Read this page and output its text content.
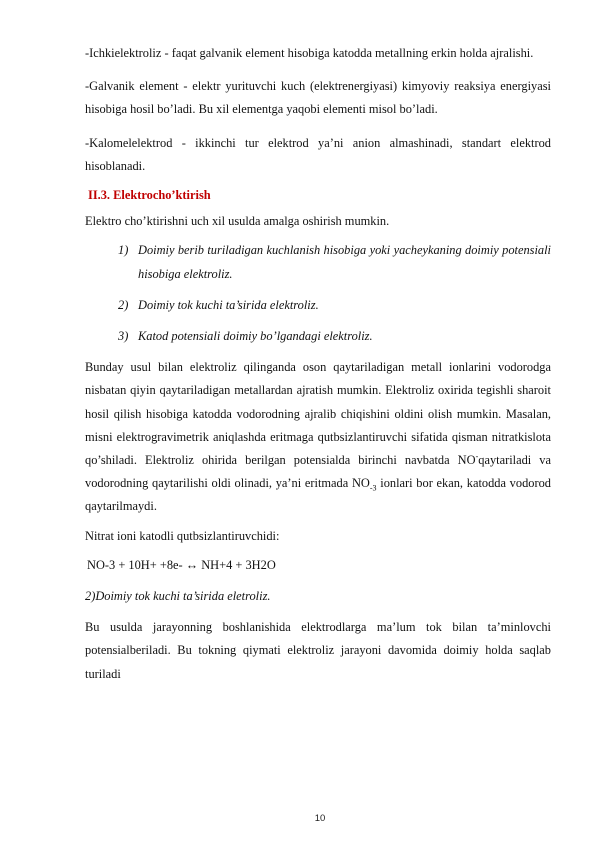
-Ichkielektroliz - faqat galvanik element hisobiga katodda metallning erkin holda ajralishi.

-Galvanik element - elektr yurituvchi kuch (elektrenergiyasi) kimyoviy reaksiya energiyasi hisobiga hosil bo’ladi. Bu xil elementga yaqobi elementi misol bo’ladi.

-Kalomelelektrod - ikkinchi tur elektrod ya’ni anion almashinadi, standart elektrod hisoblanadi.

II.3. Elektrocho’ktirish

Elektro cho’ktirishni uch xil usulda amalga oshirish mumkin.

1) Doimiy berib turiladigan kuchlanish hisobiga yoki yacheykaning doimiy potensiali hisobiga elektroliz.
2) Doimiy tok kuchi ta’sirida elektroliz.
3) Katod potensiali doimiy bo’lgandagi elektroliz.

Bunday usul bilan elektroliz qilinganda oson qaytariladigan metall ionlarini vodorodga nisbatan qiyin qaytariladigan metallardan ajratish mumkin. Elektroliz oxirida tegishli sharoit hosil qilish hisobiga katodda vodorodning ajralib chiqishini oldini olish mumkin. Masalan, misni elektrogravimetrik aniqlashda eritmaga qutbsizlantiruvchi sifatida qisman nitratkislota qo’shiladi. Elektroliz ohirida berilgan potensialda birinchi navbatda NO-qaytariladi va vodorodning qaytarilishi oldi olinadi, ya’ni eritmada $NO_{-3}$ ionlari bor ekan, katodda vodorod qaytarilmaydi.

Nitrat ioni katodli qutbsizlantiruvchidi:

NO-3 + 10H+ +8e- ↔ NH+4 + 3H2O
2)Doimiy tok kuchi ta’sirida eletroliz.

Bu usulda jarayonning boshlanishida elektrodlarga ma’lum tok bilan ta’minlovchi potensialberiladi. Bu tokning qiymati elektroliz jarayoni davomida doimiy holda saqlab turiladi

10
